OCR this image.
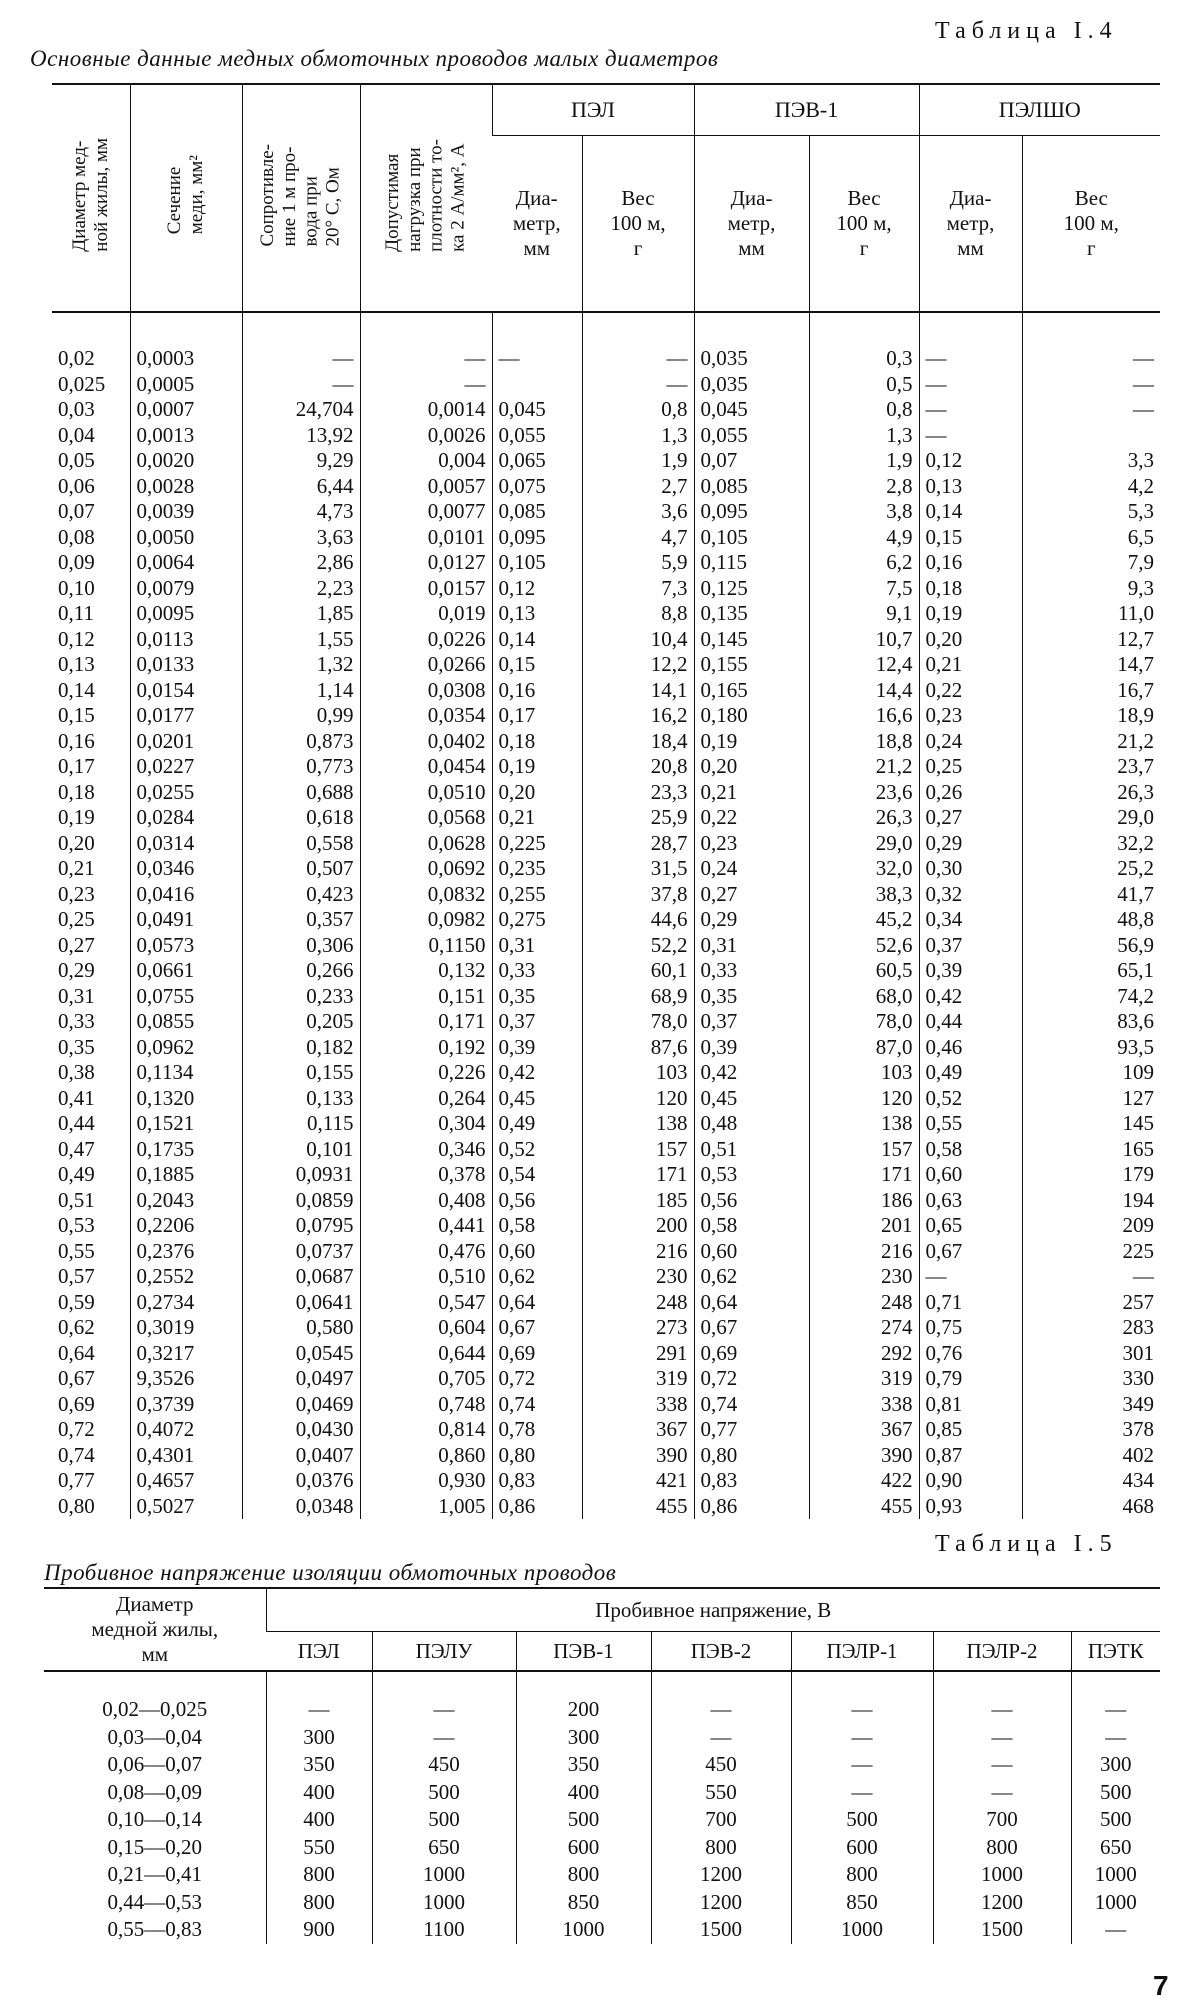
Таблица I.4
Основные данные медных обмоточных проводов малых диаметров
Диаметр мед-
ной жилы, мм	Сечение
меди, мм²	Сопротивле-
ние 1 м про-
вода при
20° С, Ом	Допустимая
нагрузка при
плотности то-
ка 2 А/мм², А	ПЭЛ		ПЭВ-1		ПЭЛШО	
				Диа-
метр,
мм	Вес
100 м,
г	Диа-
метр,
мм	Вес
100 м,
г	Диа-
метр,
мм	Вес
100 м,
г

0,02	0,0003	—	—	—	—	0,035	0,3	—	—
0,025	0,0005	—	—		—	0,035	0,5	—	—
0,03	0,0007	24,704	0,0014	0,045	0,8	0,045	0,8	—	—
0,04	0,0013	13,92	0,0026	0,055	1,3	0,055	1,3	—	
0,05	0,0020	9,29	0,004	0,065	1,9	0,07	1,9	0,12	3,3
0,06	0,0028	6,44	0,0057	0,075	2,7	0,085	2,8	0,13	4,2
0,07	0,0039	4,73	0,0077	0,085	3,6	0,095	3,8	0,14	5,3
0,08	0,0050	3,63	0,0101	0,095	4,7	0,105	4,9	0,15	6,5
0,09	0,0064	2,86	0,0127	0,105	5,9	0,115	6,2	0,16	7,9
0,10	0,0079	2,23	0,0157	0,12	7,3	0,125	7,5	0,18	9,3
0,11	0,0095	1,85	0,019	0,13	8,8	0,135	9,1	0,19	11,0
0,12	0,0113	1,55	0,0226	0,14	10,4	0,145	10,7	0,20	12,7
0,13	0,0133	1,32	0,0266	0,15	12,2	0,155	12,4	0,21	14,7
0,14	0,0154	1,14	0,0308	0,16	14,1	0,165	14,4	0,22	16,7
0,15	0,0177	0,99	0,0354	0,17	16,2	0,180	16,6	0,23	18,9
0,16	0,0201	0,873	0,0402	0,18	18,4	0,19	18,8	0,24	21,2
0,17	0,0227	0,773	0,0454	0,19	20,8	0,20	21,2	0,25	23,7
0,18	0,0255	0,688	0,0510	0,20	23,3	0,21	23,6	0,26	26,3
0,19	0,0284	0,618	0,0568	0,21	25,9	0,22	26,3	0,27	29,0
0,20	0,0314	0,558	0,0628	0,225	28,7	0,23	29,0	0,29	32,2
0,21	0,0346	0,507	0,0692	0,235	31,5	0,24	32,0	0,30	25,2
0,23	0,0416	0,423	0,0832	0,255	37,8	0,27	38,3	0,32	41,7
0,25	0,0491	0,357	0,0982	0,275	44,6	0,29	45,2	0,34	48,8
0,27	0,0573	0,306	0,1150	0,31	52,2	0,31	52,6	0,37	56,9
0,29	0,0661	0,266	0,132	0,33	60,1	0,33	60,5	0,39	65,1
0,31	0,0755	0,233	0,151	0,35	68,9	0,35	68,0	0,42	74,2
0,33	0,0855	0,205	0,171	0,37	78,0	0,37	78,0	0,44	83,6
0,35	0,0962	0,182	0,192	0,39	87,6	0,39	87,0	0,46	93,5
0,38	0,1134	0,155	0,226	0,42	103	0,42	103	0,49	109
0,41	0,1320	0,133	0,264	0,45	120	0,45	120	0,52	127
0,44	0,1521	0,115	0,304	0,49	138	0,48	138	0,55	145
0,47	0,1735	0,101	0,346	0,52	157	0,51	157	0,58	165
0,49	0,1885	0,0931	0,378	0,54	171	0,53	171	0,60	179
0,51	0,2043	0,0859	0,408	0,56	185	0,56	186	0,63	194
0,53	0,2206	0,0795	0,441	0,58	200	0,58	201	0,65	209
0,55	0,2376	0,0737	0,476	0,60	216	0,60	216	0,67	225
0,57	0,2552	0,0687	0,510	0,62	230	0,62	230	—	—
0,59	0,2734	0,0641	0,547	0,64	248	0,64	248	0,71	257
0,62	0,3019	0,580	0,604	0,67	273	0,67	274	0,75	283
0,64	0,3217	0,0545	0,644	0,69	291	0,69	292	0,76	301
0,67	9,3526	0,0497	0,705	0,72	319	0,72	319	0,79	330
0,69	0,3739	0,0469	0,748	0,74	338	0,74	338	0,81	349
0,72	0,4072	0,0430	0,814	0,78	367	0,77	367	0,85	378
0,74	0,4301	0,0407	0,860	0,80	390	0,80	390	0,87	402
0,77	0,4657	0,0376	0,930	0,83	421	0,83	422	0,90	434
0,80	0,5027	0,0348	1,005	0,86	455	0,86	455	0,93	468
Таблица I.5
Пробивное напряжение изоляции обмоточных проводов
Диаметр
медной жилы,
мм	Пробивное напряжение, В						
	ПЭЛ	ПЭЛУ	ПЭВ-1	ПЭВ-2	ПЭЛР-1	ПЭЛР-2	ПЭТК

0,02—0,025	—	—	200	—	—	—	—
0,03—0,04	300	—	300	—	—	—	—
0,06—0,07	350	450	350	450	—	—	300
0,08—0,09	400	500	400	550	—	—	500
0,10—0,14	400	500	500	700	500	700	500
0,15—0,20	550	650	600	800	600	800	650
0,21—0,41	800	1000	800	1200	800	1000	1000
0,44—0,53	800	1000	850	1200	850	1200	1000
0,55—0,83	900	1100	1000	1500	1000	1500	—
7
